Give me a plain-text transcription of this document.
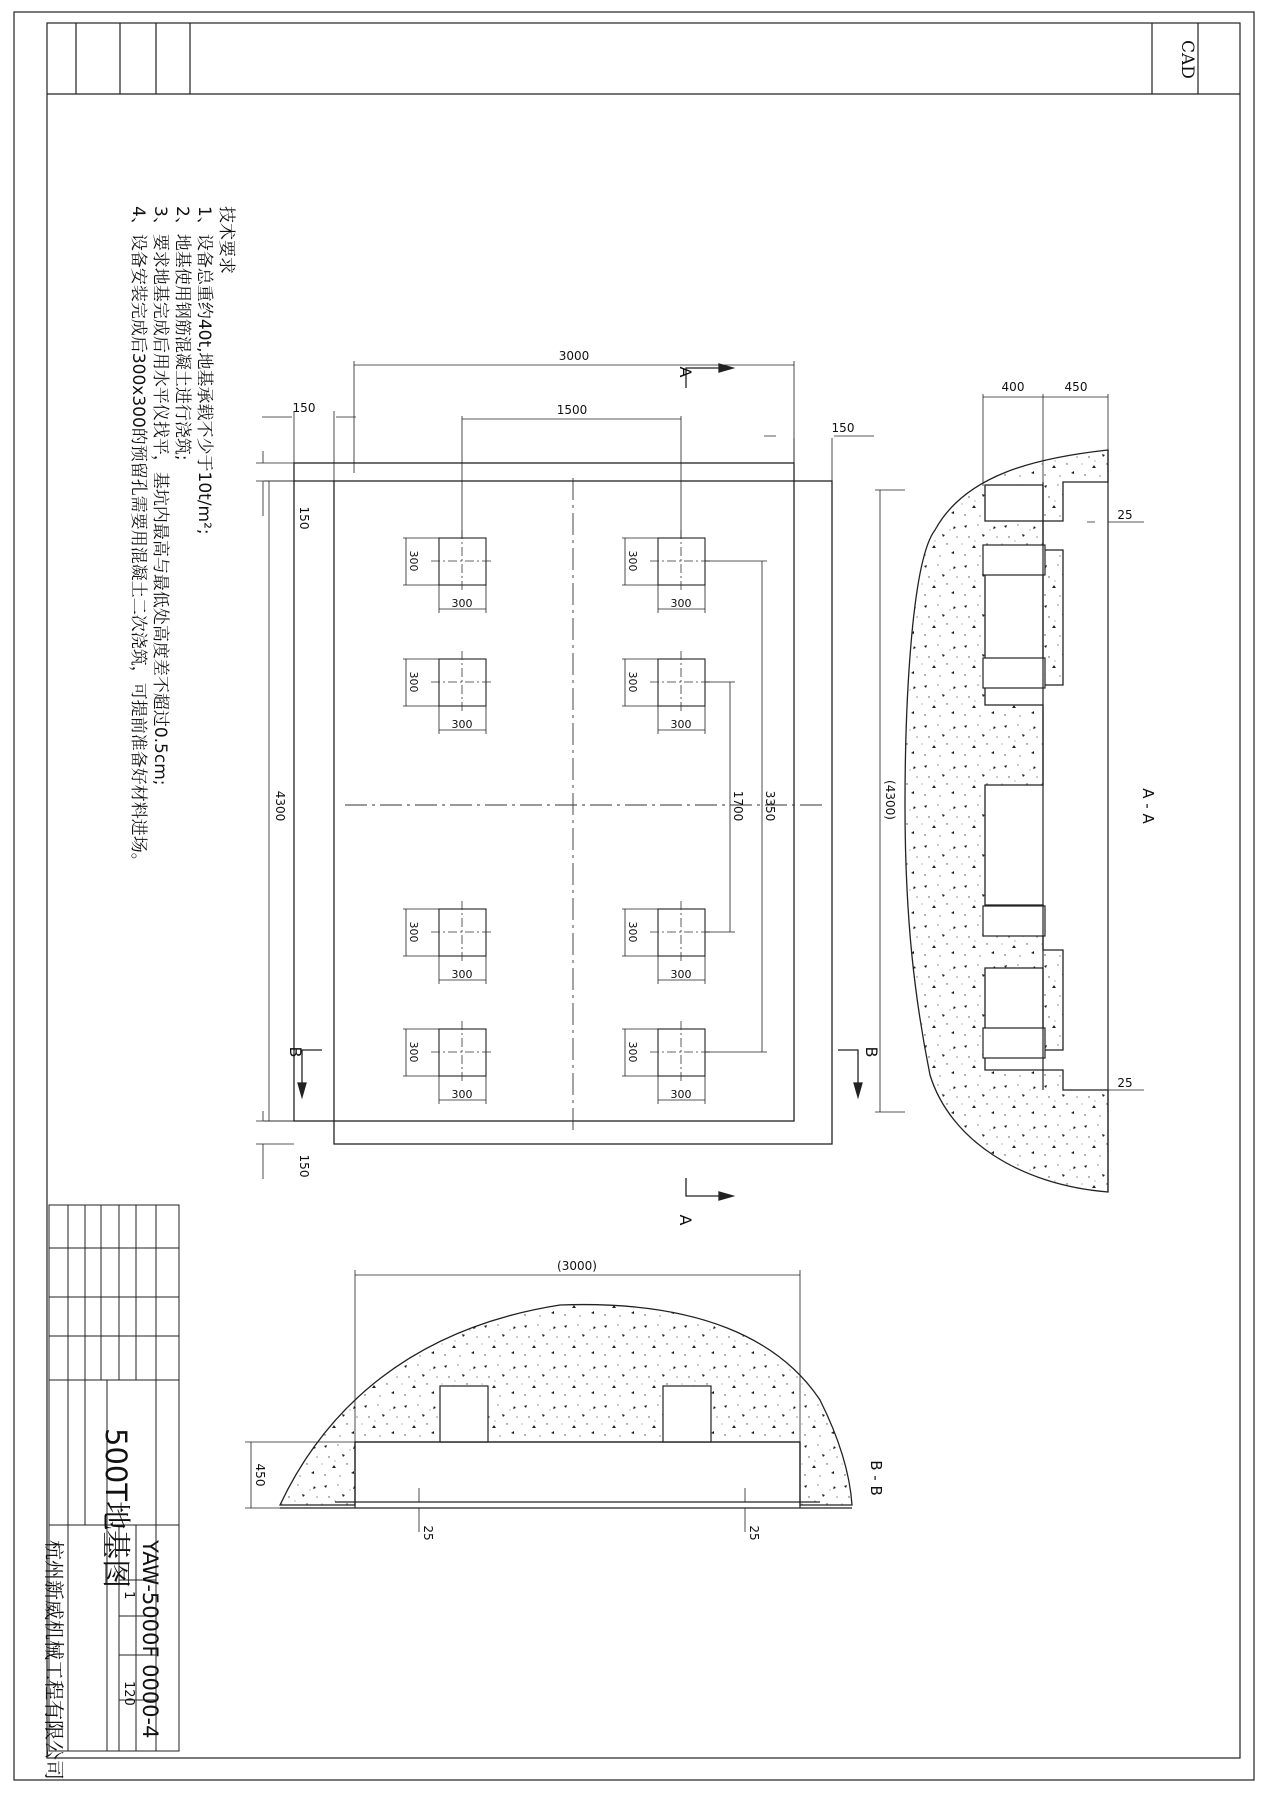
300	300
300	300
300	300
300	300
300	300
300	300
300	300
300	300
3000
1500
150
150
150
150
4300	1700 3350
A
A
B	B
400	450
25
25
(4300)	A - A
(3000)
450
25	25
B - B
技术要求
1、设备总重约40t,地基承载不少于10t/m²;
2、地基使用钢筋混凝土进行浇筑;
3、要求地基完成后用水平仪找平，基坑内最高与最低处高度差不超过0.5cm;
4、设备安装完成后300x300的预留孔需要用混凝土二次浇筑，可提前准备好材料进场。
500T地基图
YAW-5000F 0000-4
杭州新威机械工程有限公司	1
120
CAD
